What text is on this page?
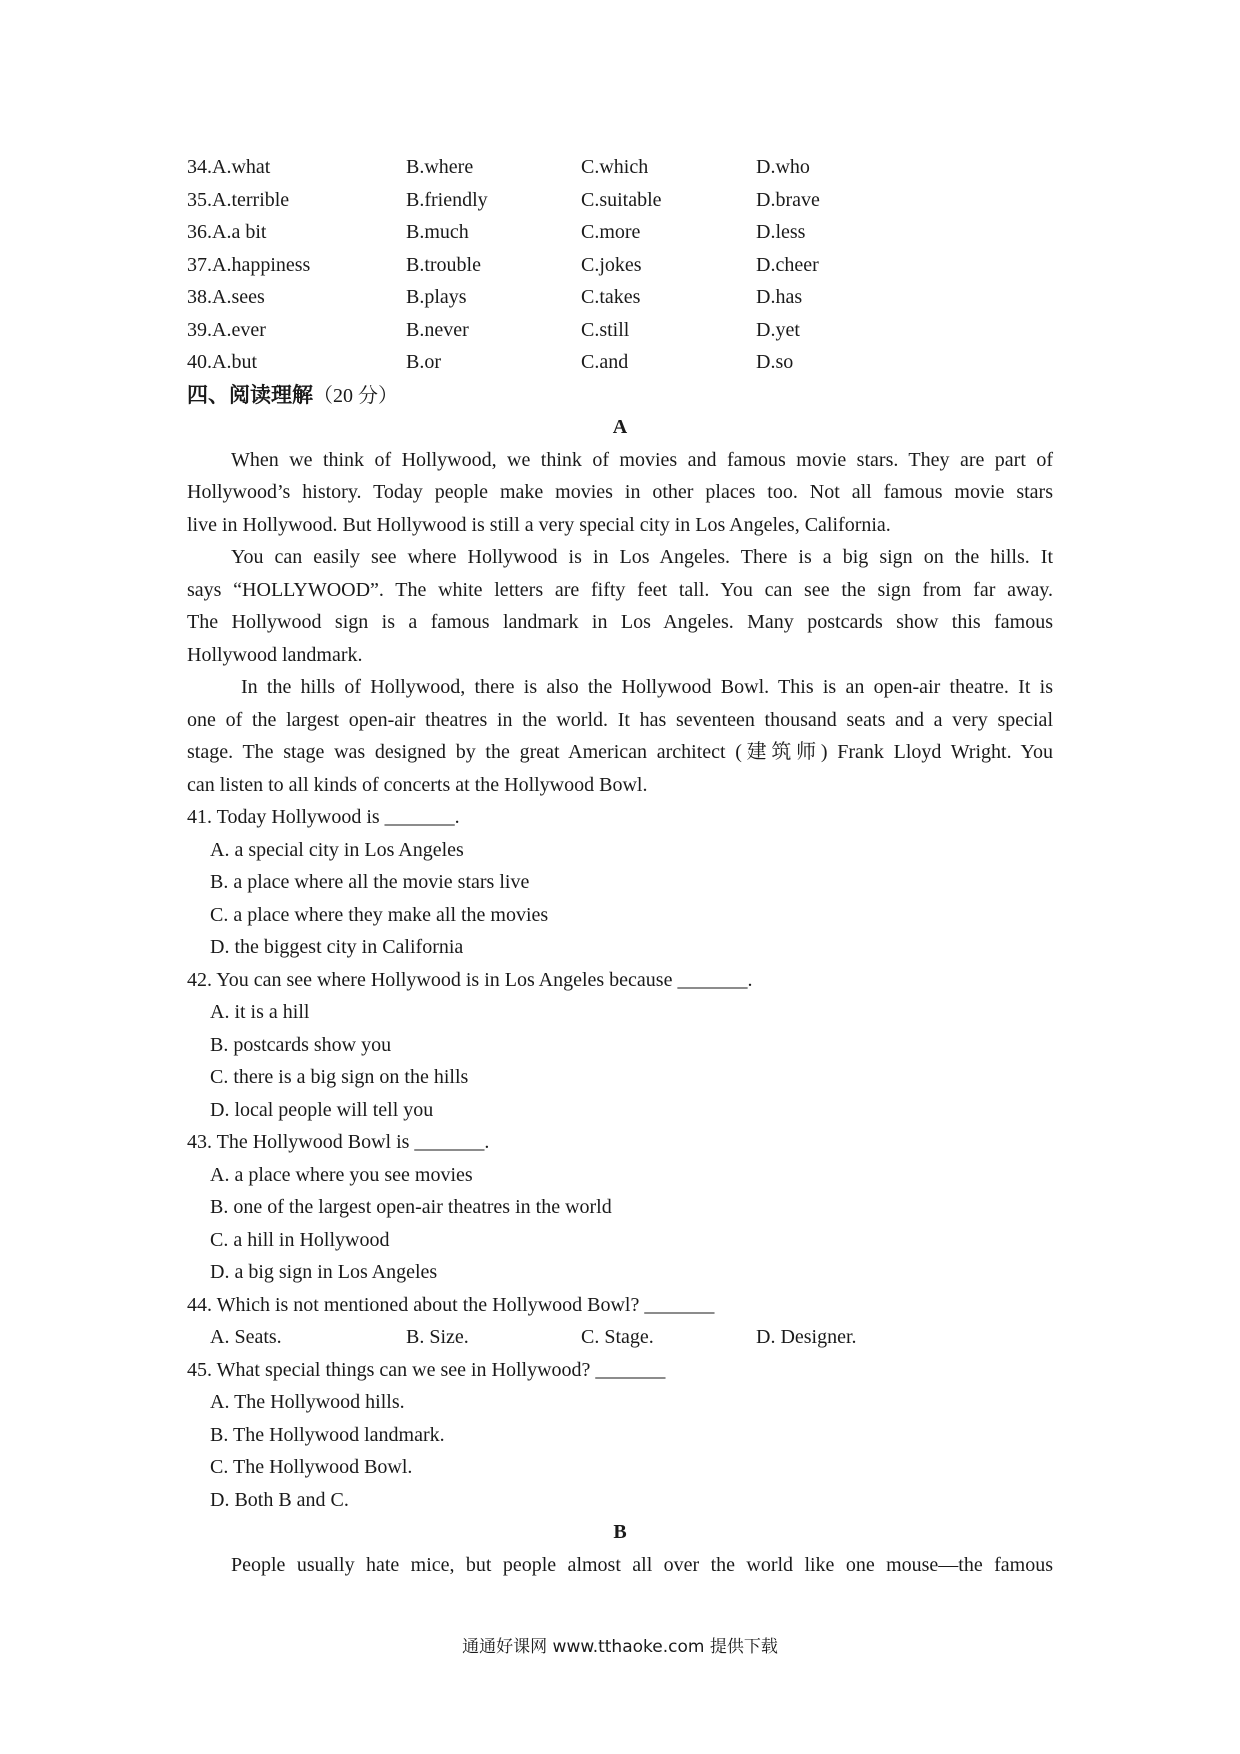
34.A.what	B.where	C.which	D.who
35.A.terrible	B.friendly	C.suitable	D.brave
36.A.a bit	B.much	C.more	D.less
37.A.happiness	B.trouble	C.jokes	D.cheer
38.A.sees	B.plays	C.takes	D.has
39.A.ever	B.never	C.still	D.yet
40.A.but	B.or	C.and	D.so
四、阅读理解（20 分）
A
When we think of Hollywood, we think of movies and famous movie stars. They are part of
Hollywood’s history. Today people make movies in other places too. Not all famous movie stars
live in Hollywood. But Hollywood is still a very special city in Los Angeles, California.
You can easily see where Hollywood is in Los Angeles. There is a big sign on the hills. It
says “HOLLYWOOD”. The white letters are fifty feet tall. You can see the sign from far away.
The Hollywood sign is a famous landmark in Los Angeles. Many postcards show this famous
Hollywood landmark.
In the hills of Hollywood, there is also the Hollywood Bowl. This is an open-air theatre. It is
one of the largest open-air theatres in the world. It has seventeen thousand seats and a very special
stage. The stage was designed by the great American architect (建筑师) Frank Lloyd Wright. You
can listen to all kinds of concerts at the Hollywood Bowl.
41. Today Hollywood is _______.
A. a special city in Los Angeles
B. a place where all the movie stars live
C. a place where they make all the movies
D. the biggest city in California
42. You can see where Hollywood is in Los Angeles because _______.
A. it is a hill
B. postcards show you
C. there is a big sign on the hills
D. local people will tell you
43. The Hollywood Bowl is _______.
A. a place where you see movies
B. one of the largest open-air theatres in the world
C. a hill in Hollywood
D. a big sign in Los Angeles
44. Which is not mentioned about the Hollywood Bowl? _______
A. Seats.	B. Size.	C. Stage.	D. Designer.
45. What special things can we see in Hollywood? _______
A. The Hollywood hills.
B. The Hollywood landmark.
C. The Hollywood Bowl.
D. Both B and C.
B
People usually hate mice, but people almost all over the world like one mouse—the famous
通通好课网 www.tthaoke.com 提供下载
